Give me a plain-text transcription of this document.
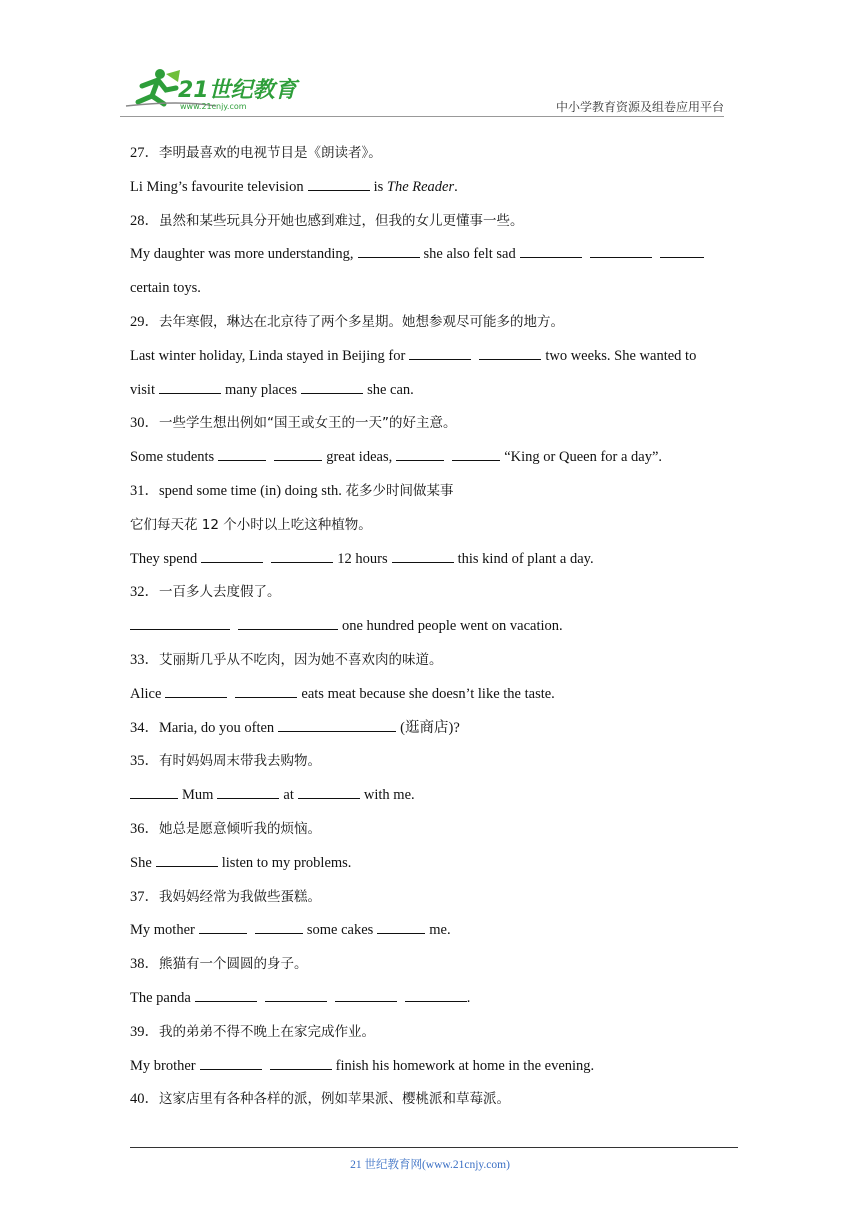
21世纪教育
www.21cnjy.com	中小学教育资源及组卷应用平台
27．李明最喜欢的电视节目是《朗读者》。
Li Ming’s favourite television	is The Reader.
28．虽然和某些玩具分开她也感到难过，但我的女儿更懂事一些。
My daughter was more understanding,	she also felt sad
certain toys.
29．去年寒假，琳达在北京待了两个多星期。她想参观尽可能多的地方。
Last winter holiday, Linda stayed in Beijing for	two weeks. She wanted to
visit	many places	she can.
30．一些学生想出例如“国王或女王的一天”的好主意。
Some students	great ideas,	“King or Queen for a day”.
31．spend some time (in) doing sth. 花多少时间做某事
它们每天花 12 个小时以上吃这种植物。
They spend	12 hours	this kind of plant a day.
32．一百多人去度假了。
one hundred people went on vacation.
33．艾丽斯几乎从不吃肉，因为她不喜欢肉的味道。
Alice	eats meat because she doesn’t like the taste.
34．Maria, do you often	(逛商店)?
35．有时妈妈周末带我去购物。
Mum	at	with me.
36．她总是愿意倾听我的烦恼。
She	listen to my problems.
37．我妈妈经常为我做些蛋糕。
My mother	some cakes	me.
38．熊猫有一个圆圆的身子。
The panda	.
39．我的弟弟不得不晚上在家完成作业。
My brother	finish his homework at home in the evening.
40．这家店里有各种各样的派，例如苹果派、樱桃派和草莓派。
21 世纪教育网(www.21cnjy.com)
